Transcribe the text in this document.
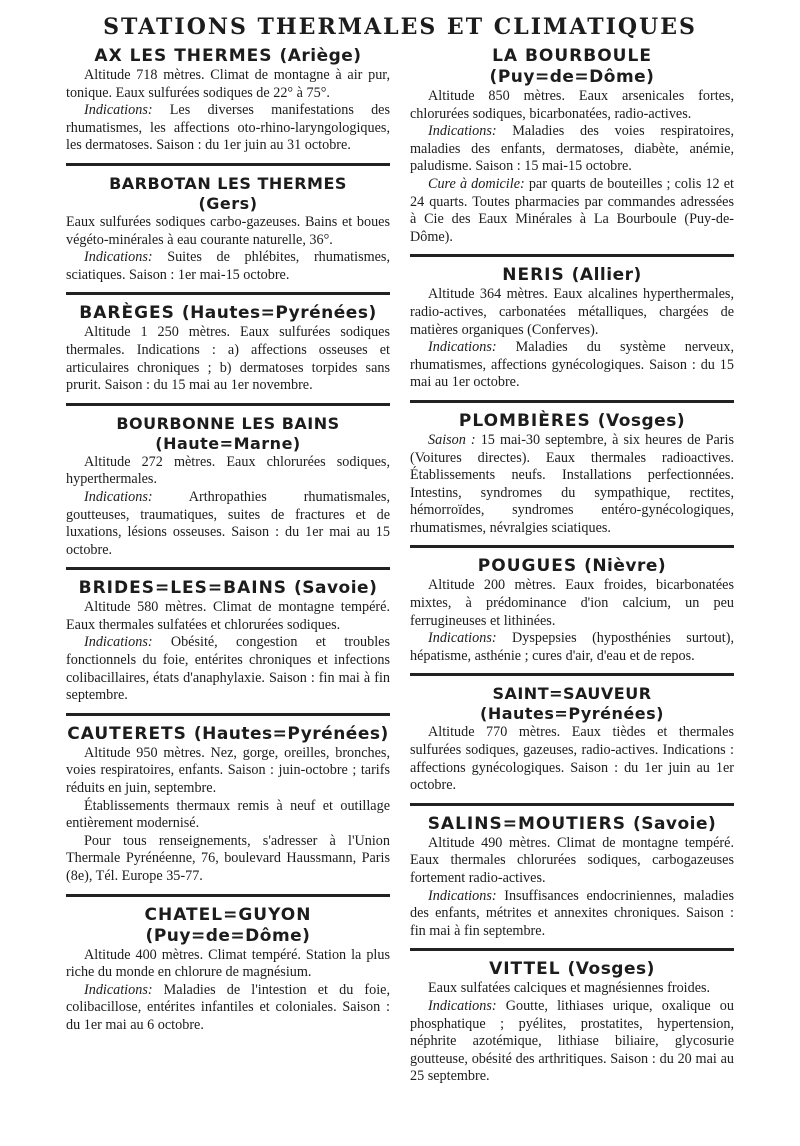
STATIONS THERMALES ET CLIMATIQUES

AX LES THERMES (Ariège)

Altitude 718 mètres. Climat de montagne à air pur, tonique. Eaux sulfurées sodiques de 22° à 75°.

Indications: Les diverses manifestations des rhumatismes, les affections oto-rhino-laryngologiques, les dermatoses. Saison : du 1er juin au 31 octobre.

BARBOTAN LES THERMES

(Gers)

Eaux sulfurées sodiques carbo-gazeuses. Bains et boues végéto-minérales à eau courante naturelle, 36°.

Indications: Suites de phlébites, rhumatismes, sciatiques. Saison : 1er mai-15 octobre.

BARÈGES (Hautes=Pyrénées)

Altitude 1 250 mètres. Eaux sulfurées sodiques thermales. Indications : a) affections osseuses et articulaires chroniques ; b) dermatoses torpides sans prurit. Saison : du 15 mai au 1er novembre.

BOURBONNE LES BAINS

(Haute=Marne)

Altitude 272 mètres. Eaux chlorurées sodiques, hyperthermales.

Indications: Arthropathies rhumatismales, goutteuses, traumatiques, suites de fractures et de luxations, lésions osseuses. Saison : du 1er mai au 15 octobre.

BRIDES=LES=BAINS (Savoie)

Altitude 580 mètres. Climat de montagne tempéré. Eaux thermales sulfatées et chlorurées sodiques.

Indications: Obésité, congestion et troubles fonctionnels du foie, entérites chroniques et infections colibacillaires, états d'anaphylaxie. Saison : fin mai à fin septembre.

CAUTERETS (Hautes=Pyrénées)

Altitude 950 mètres. Nez, gorge, oreilles, bronches, voies respiratoires, enfants. Saison : juin-octobre ; tarifs réduits en juin, septembre.

Établissements thermaux remis à neuf et outillage entièrement modernisé.

Pour tous renseignements, s'adresser à l'Union Thermale Pyrénéenne, 76, boulevard Haussmann, Paris (8e), Tél. Europe 35-77.

CHATEL=GUYON (Puy=de=Dôme)

Altitude 400 mètres. Climat tempéré. Station la plus riche du monde en chlorure de magnésium.

Indications: Maladies de l'intestion et du foie, colibacillose, entérites infantiles et coloniales. Saison : du 1er mai au 6 octobre.

LA BOURBOULE (Puy=de=Dôme)

Altitude 850 mètres. Eaux arsenicales fortes, chlorurées sodiques, bicarbonatées, radio-actives.

Indications: Maladies des voies respiratoires, maladies des enfants, dermatoses, diabète, anémie, paludisme. Saison : 15 mai-15 octobre.

Cure à domicile: par quarts de bouteilles ; colis 12 et 24 quarts. Toutes pharmacies par commandes adressées à Cie des Eaux Minérales à La Bourboule (Puy-de-Dôme).

NERIS (Allier)

Altitude 364 mètres. Eaux alcalines hyperthermales, radio-actives, carbonatées métalliques, chargées de matières organiques (Conferves).

Indications: Maladies du système nerveux, rhumatismes, affections gynécologiques. Saison : du 15 mai au 1er octobre.

PLOMBIÈRES (Vosges)

Saison : 15 mai-30 septembre, à six heures de Paris (Voitures directes). Eaux thermales radioactives. Établissements neufs. Installations perfectionnées. Intestins, syndromes du sympathique, rectites, hémorroïdes, syndromes entéro-gynécologiques, rhumatismes, névralgies sciatiques.

POUGUES (Nièvre)

Altitude 200 mètres. Eaux froides, bicarbonatées mixtes, à prédominance d'ion calcium, un peu ferrugineuses et lithinées.

Indications: Dyspepsies (hyposthénies surtout), hépatisme, asthénie ; cures d'air, d'eau et de repos.

SAINT=SAUVEUR

(Hautes=Pyrénées)

Altitude 770 mètres. Eaux tièdes et thermales sulfurées sodiques, gazeuses, radio-actives. Indications : affections gynécologiques. Saison : du 1er juin au 1er octobre.

SALINS=MOUTIERS (Savoie)

Altitude 490 mètres. Climat de montagne tempéré. Eaux thermales chlorurées sodiques, carbogazeuses fortement radio-actives.

Indications: Insuffisances endocriniennes, maladies des enfants, métrites et annexites chroniques. Saison : fin mai à fin septembre.

VITTEL (Vosges)

Eaux sulfatées calciques et magnésiennes froides.

Indications: Goutte, lithiases urique, oxalique ou phosphatique ; pyélites, prostatites, hypertension, néphrite azotémique, lithiase biliaire, glycosurie goutteuse, obésité des arthritiques. Saison : du 20 mai au 25 septembre.
